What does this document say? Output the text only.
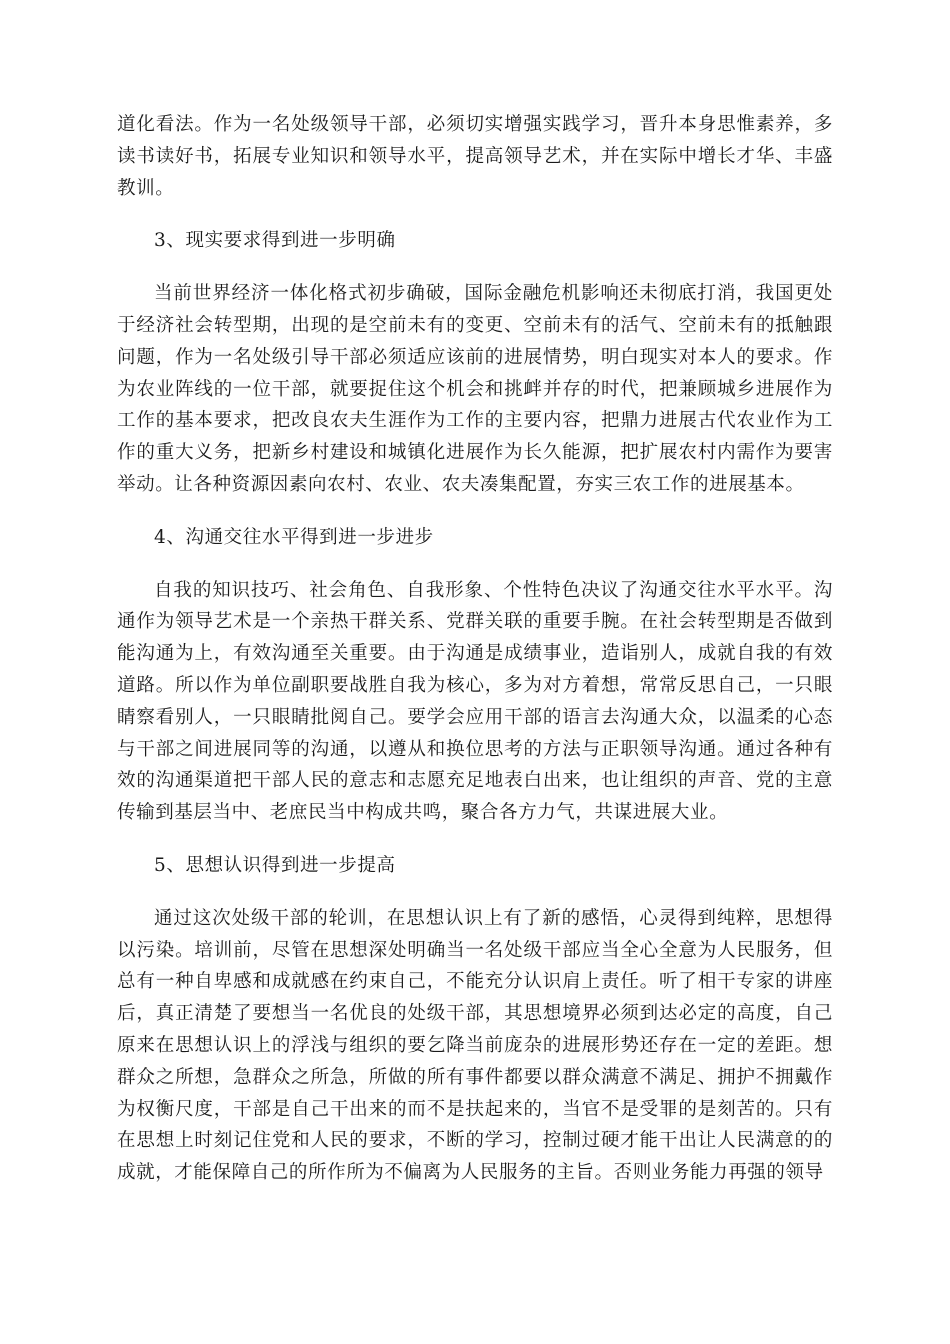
道化看法。作为一名处级领导干部，必须切实增强实践学习，晋升本身思惟素养，多读书读好书，拓展专业知识和领导水平，提高领导艺术，并在实际中增长才华、丰盛教训。

3、现实要求得到进一步明确

当前世界经济一体化格式初步确破，国际金融危机影响还未彻底打消，我国更处于经济社会转型期，出现的是空前未有的变更、空前未有的活气、空前未有的抵触跟问题，作为一名处级引导干部必须适应该前的进展情势，明白现实对本人的要求。作为农业阵线的一位干部，就要捉住这个机会和挑衅并存的时代，把兼顾城乡进展作为工作的基本要求，把改良农夫生涯作为工作的主要内容，把鼎力进展古代农业作为工作的重大义务，把新乡村建设和城镇化进展作为长久能源，把扩展农村内需作为要害举动。让各种资源因素向农村、农业、农夫凑集配置，夯实三农工作的进展基本。

4、沟通交往水平得到进一步进步

自我的知识技巧、社会角色、自我形象、个性特色决议了沟通交往水平水平。沟通作为领导艺术是一个亲热干群关系、党群关联的重要手腕。在社会转型期是否做到能沟通为上，有效沟通至关重要。由于沟通是成绩事业，造诣别人，成就自我的有效道路。所以作为单位副职要战胜自我为核心，多为对方着想，常常反思自己，一只眼睛察看别人，一只眼睛批阅自己。要学会应用干部的语言去沟通大众，以温柔的心态与干部之间进展同等的沟通，以遵从和换位思考的方法与正职领导沟通。通过各种有效的沟通渠道把干部人民的意志和志愿充足地表白出来，也让组织的声音、党的主意传输到基层当中、老庶民当中构成共鸣，聚合各方力气，共谋进展大业。

5、思想认识得到进一步提高

通过这次处级干部的轮训，在思想认识上有了新的感悟，心灵得到纯粹，思想得以污染。培训前，尽管在思想深处明确当一名处级干部应当全心全意为人民服务，但总有一种自卑感和成就感在约束自己，不能充分认识肩上责任。听了相干专家的讲座后，真正清楚了要想当一名优良的处级干部，其思想境界必须到达必定的高度，自己原来在思想认识上的浮浅与组织的要乞降当前庞杂的进展形势还存在一定的差距。想群众之所想，急群众之所急，所做的所有事件都要以群众满意不满足、拥护不拥戴作为权衡尺度，干部是自己干出来的而不是扶起来的，当官不是受罪的是刻苦的。只有在思想上时刻记住党和人民的要求，不断的学习，控制过硬才能干出让人民满意的的成就，才能保障自己的所作所为不偏离为人民服务的主旨。否则业务能力再强的领导
